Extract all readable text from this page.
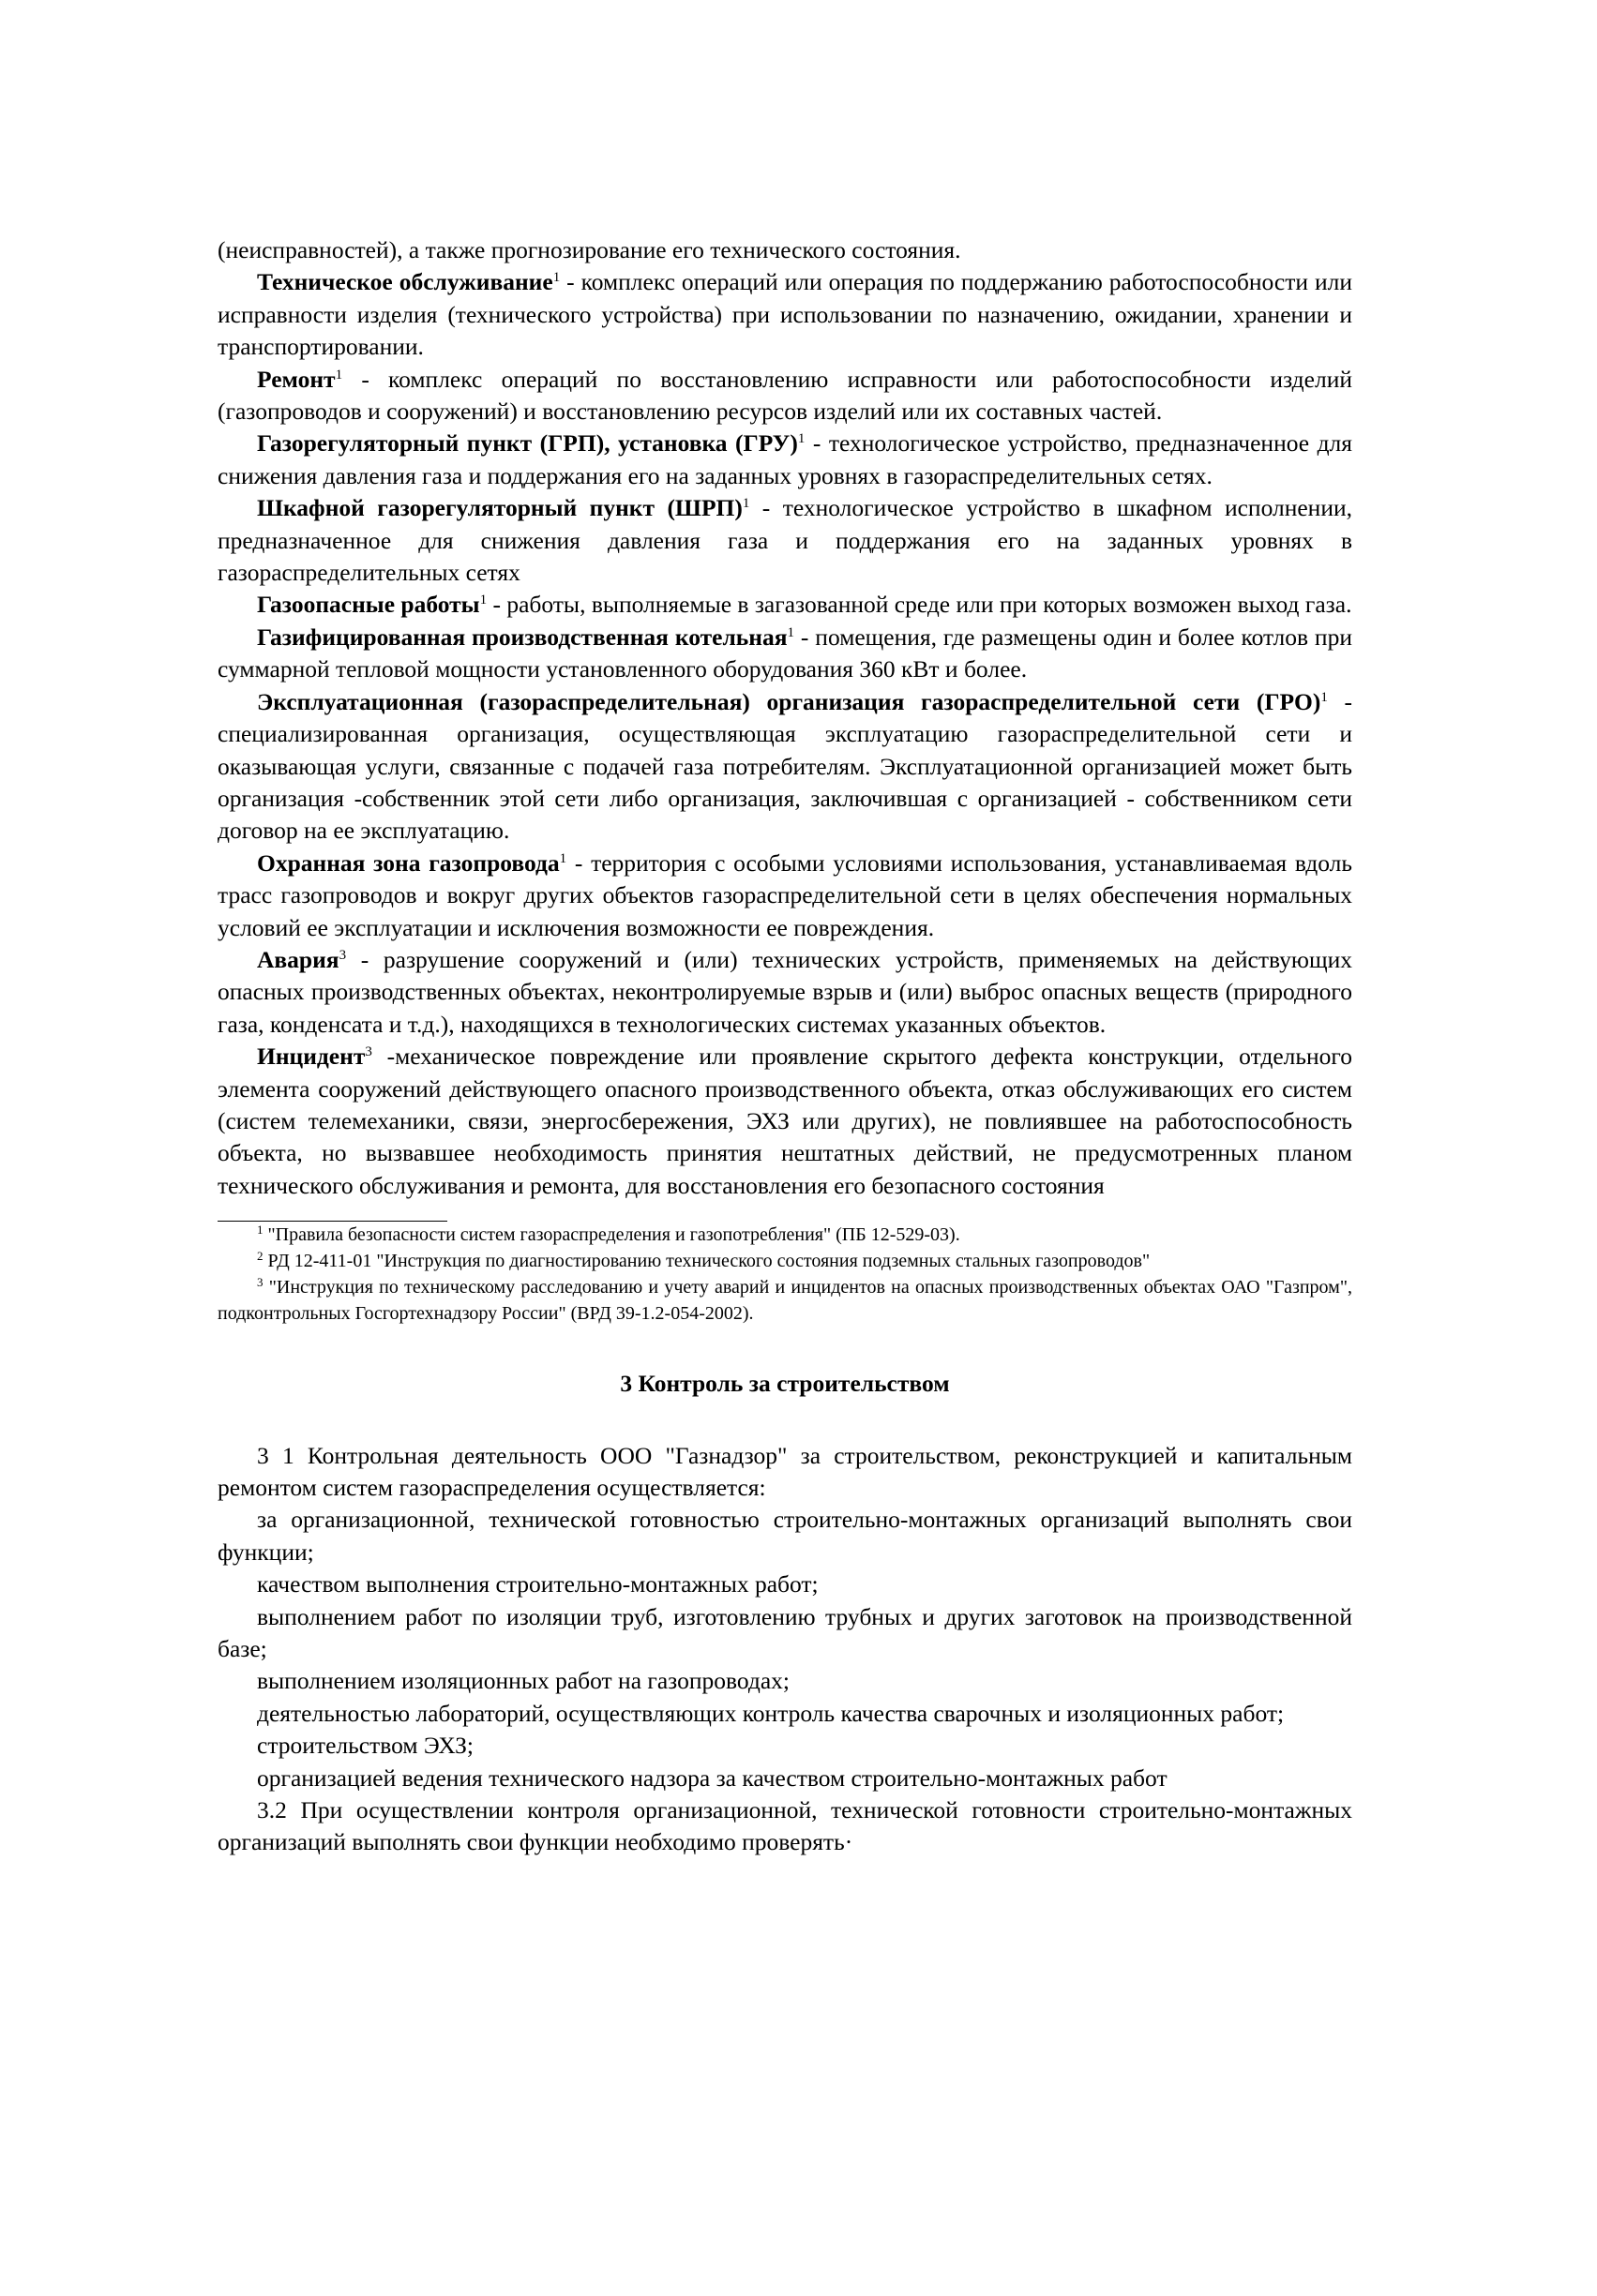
(неисправностей), а также прогнозирование его технического состояния.

Техническое обслуживание$^1$ - комплекс операций или операция по поддержанию работоспособности или исправности изделия (технического устройства) при использовании по назначению, ожидании, хранении и транспортировании.

Ремонт$^1$ - комплекс операций по восстановлению исправности или работоспособности изделий (газопроводов и сооружений) и восстановлению ресурсов изделий или их составных частей.

Газорегуляторный пункт (ГРП), установка (ГРУ)$^1$ - технологическое устройство, предназначенное для снижения давления газа и поддержания его на заданных уровнях в газораспределительных сетях.

Шкафной газорегуляторный пункт (ШРП)$^1$ - технологическое устройство в шкафном исполнении, предназначенное для снижения давления газа и поддержания его на заданных уровнях в газораспределительных сетях

Газоопасные работы$^1$ - работы, выполняемые в загазованной среде или при которых возможен выход газа.

Газифицированная производственная котельная$^1$ - помещения, где размещены один и более котлов при суммарной тепловой мощности установленного оборудования 360 кВт и более.

Эксплуатационная (газораспределительная) организация газораспределительной сети (ГРО)$^1$ - специализированная организация, осуществляющая эксплуатацию газораспределительной сети и оказывающая услуги, связанные с подачей газа потребителям. Эксплуатационной организацией может быть организация -собственник этой сети либо организация, заключившая с организацией - собственником сети договор на ее эксплуатацию.

Охранная зона газопровода$^1$ - территория с особыми условиями использования, устанавливаемая вдоль трасс газопроводов и вокруг других объектов газораспределительной сети в целях обеспечения нормальных условий ее эксплуатации и исключения возможности ее повреждения.

Авария$^3$ - разрушение сооружений и (или) технических устройств, применяемых на действующих опасных производственных объектах, неконтролируемые взрыв и (или) выброс опасных веществ (природного газа, конденсата и т.д.), находящихся в технологических системах указанных объектов.

Инцидент$^3$ -механическое повреждение или проявление скрытого дефекта конструкции, отдельного элемента сооружений действующего опасного производственного объекта, отказ обслуживающих его систем (систем телемеханики, связи, энергосбережения, ЭХЗ или других), не повлиявшее на работоспособность объекта, но вызвавшее необходимость принятия нештатных действий, не предусмотренных планом технического обслуживания и ремонта, для восстановления его безопасного состояния

$^1$ "Правила безопасности систем газораспределения и газопотребления" (ПБ 12-529-03).

$^2$ РД 12-411-01 "Инструкция по диагностированию технического состояния подземных стальных газопроводов"

$^3$ "Инструкция по техническому расследованию и учету аварий и инцидентов на опасных производственных объектах ОАО "Газпром", подконтрольных Госгортехнадзору России" (ВРД 39-1.2-054-2002).

3 Контроль за строительством

3 1 Контрольная деятельность ООО "Газнадзор" за строительством, реконструкцией и капитальным ремонтом систем газораспределения осуществляется:

за организационной, технической готовностью строительно-монтажных организаций выполнять свои функции;

качеством выполнения строительно-монтажных работ;

выполнением работ по изоляции труб, изготовлению трубных и других заготовок на производственной базе;

выполнением изоляционных работ на газопроводах;

деятельностью лабораторий, осуществляющих контроль качества сварочных и изоляционных работ;

строительством ЭХЗ;

организацией ведения технического надзора за качеством строительно-монтажных работ

3.2 При осуществлении контроля организационной, технической готовности строительно-монтажных организаций выполнять свои функции необходимо проверять·
